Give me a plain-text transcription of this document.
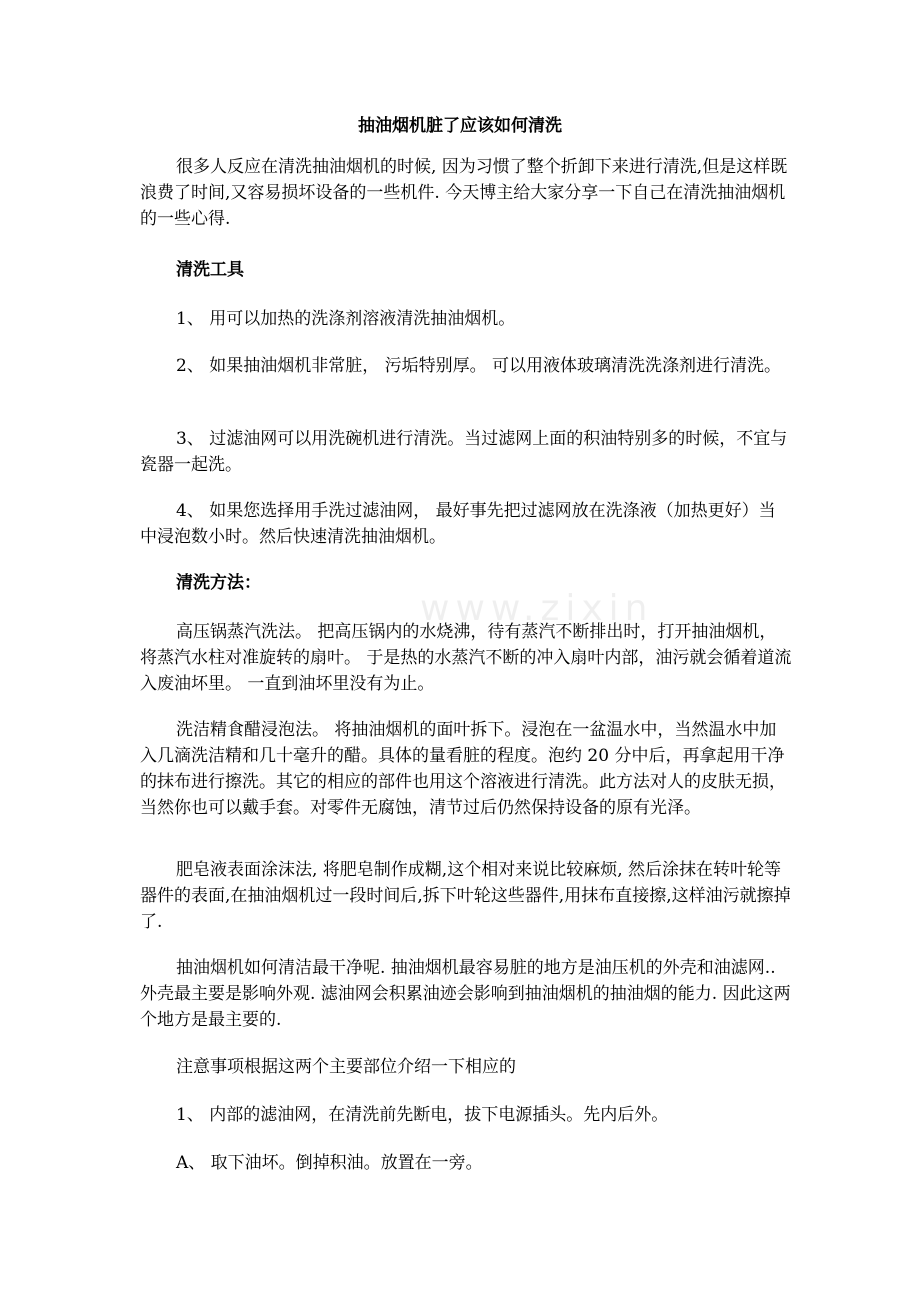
抽油烟机脏了应该如何清洗

很多人反应在清洗抽油烟机的时候, 因为习惯了整个折卸下来进行清洗,但是这样既浪费了时间,又容易损坏设备的一些机件. 今天博主给大家分享一下自己在清洗抽油烟机的一些心得.

清洗工具

1、 用可以加热的洗涤剂溶液清洗抽油烟机。

2、 如果抽油烟机非常脏， 污垢特别厚。 可以用液体玻璃清洗洗涤剂进行清洗。

3、 过滤油网可以用洗碗机进行清洗。当过滤网上面的积油特别多的时候，不宜与瓷器一起洗。

4、 如果您选择用手洗过滤油网， 最好事先把过滤网放在洗涤液（加热更好）当中浸泡数小时。然后快速清洗抽油烟机。

清洗方法：

高压锅蒸汽洗法。 把高压锅内的水烧沸，待有蒸汽不断排出时，打开抽油烟机，将蒸汽水柱对准旋转的扇叶。 于是热的水蒸汽不断的冲入扇叶内部，油污就会循着道流入废油坏里。 一直到油坏里没有为止。

洗洁精食醋浸泡法。 将抽油烟机的面叶拆下。浸泡在一盆温水中，当然温水中加入几滴洗洁精和几十毫升的醋。具体的量看脏的程度。泡约 20 分中后，再拿起用干净的抹布进行擦洗。其它的相应的部件也用这个溶液进行清洗。此方法对人的皮肤无损，当然你也可以戴手套。对零件无腐蚀，清节过后仍然保持设备的原有光泽。

肥皂液表面涂沫法, 将肥皂制作成糊,这个相对来说比较麻烦, 然后涂抹在转叶轮等器件的表面,在抽油烟机过一段时间后,拆下叶轮这些器件,用抹布直接擦,这样油污就擦掉了.

抽油烟机如何清洁最干净呢. 抽油烟机最容易脏的地方是油压机的外壳和油滤网.. 外壳最主要是影响外观. 滤油网会积累油迹会影响到抽油烟机的抽油烟的能力. 因此这两个地方是最主要的.

注意事项根据这两个主要部位介绍一下相应的

1、 内部的滤油网，在清洗前先断电，拔下电源插头。先内后外。

A、 取下油坏。倒掉积油。放置在一旁。

www.zixin
